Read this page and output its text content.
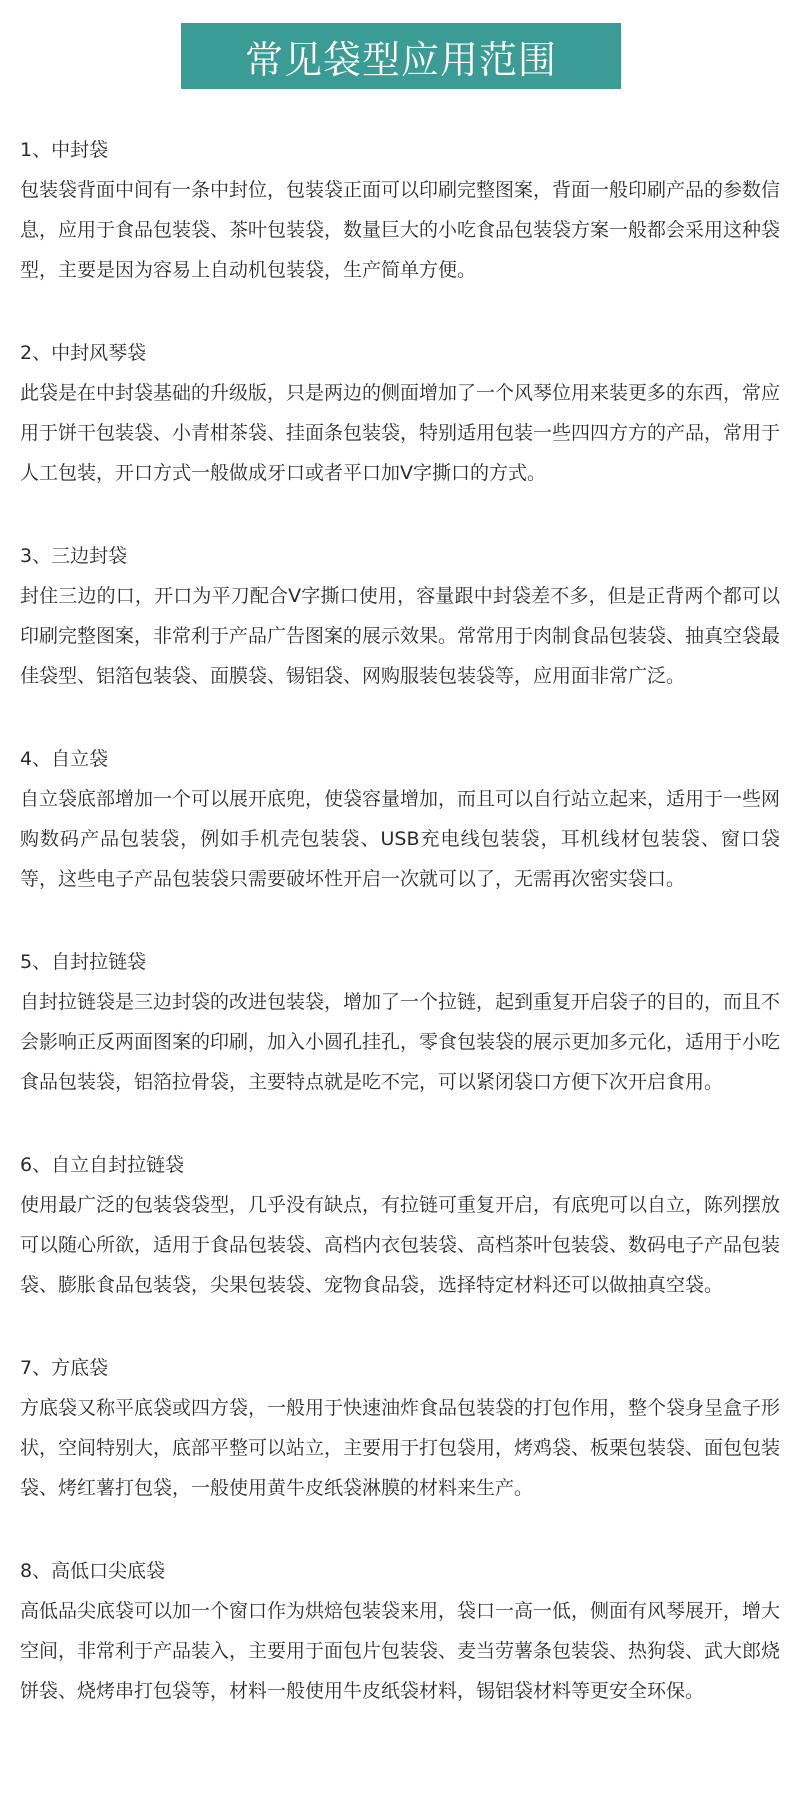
常见袋型应用范围

1、中封袋

包装袋背面中间有一条中封位，包装袋正面可以印刷完整图案，背面一般印刷产品的参数信息，应用于食品包装袋、茶叶包装袋，数量巨大的小吃食品包装袋方案一般都会采用这种袋型，主要是因为容易上自动机包装袋，生产简单方便。

2、中封风琴袋

此袋是在中封袋基础的升级版，只是两边的侧面增加了一个风琴位用来装更多的东西，常应用于饼干包装袋、小青柑茶袋、挂面条包装袋，特别适用包装一些四四方方的产品，常用于人工包装，开口方式一般做成牙口或者平口加V字撕口的方式。

3、三边封袋

封住三边的口，开口为平刀配合V字撕口使用，容量跟中封袋差不多，但是正背两个都可以印刷完整图案，非常利于产品广告图案的展示效果。常常用于肉制食品包装袋、抽真空袋最佳袋型、铝箔包装袋、面膜袋、锡铝袋、网购服装包装袋等，应用面非常广泛。

4、自立袋

自立袋底部增加一个可以展开底兜，使袋容量增加，而且可以自行站立起来，适用于一些网购数码产品包装袋，例如手机壳包装袋、USB充电线包装袋，耳机线材包装袋、窗口袋等，这些电子产品包装袋只需要破坏性开启一次就可以了，无需再次密实袋口。

5、自封拉链袋

自封拉链袋是三边封袋的改进包装袋，增加了一个拉链，起到重复开启袋子的目的，而且不会影响正反两面图案的印刷，加入小圆孔挂孔，零食包装袋的展示更加多元化，适用于小吃食品包装袋，铝箔拉骨袋，主要特点就是吃不完，可以紧闭袋口方便下次开启食用。

6、自立自封拉链袋

使用最广泛的包装袋袋型，几乎没有缺点，有拉链可重复开启，有底兜可以自立，陈列摆放可以随心所欲，适用于食品包装袋、高档内衣包装袋、高档茶叶包装袋、数码电子产品包装袋、膨胀食品包装袋，尖果包装袋、宠物食品袋，选择特定材料还可以做抽真空袋。

7、方底袋

方底袋又称平底袋或四方袋，一般用于快速油炸食品包装袋的打包作用，整个袋身呈盒子形状，空间特别大，底部平整可以站立，主要用于打包袋用，烤鸡袋、板栗包装袋、面包包装袋、烤红薯打包袋，一般使用黄牛皮纸袋淋膜的材料来生产。

8、高低口尖底袋

高低品尖底袋可以加一个窗口作为烘焙包装袋来用，袋口一高一低，侧面有风琴展开，增大空间，非常利于产品装入，主要用于面包片包装袋、麦当劳薯条包装袋、热狗袋、武大郎烧饼袋、烧烤串打包袋等，材料一般使用牛皮纸袋材料，锡铝袋材料等更安全环保。
